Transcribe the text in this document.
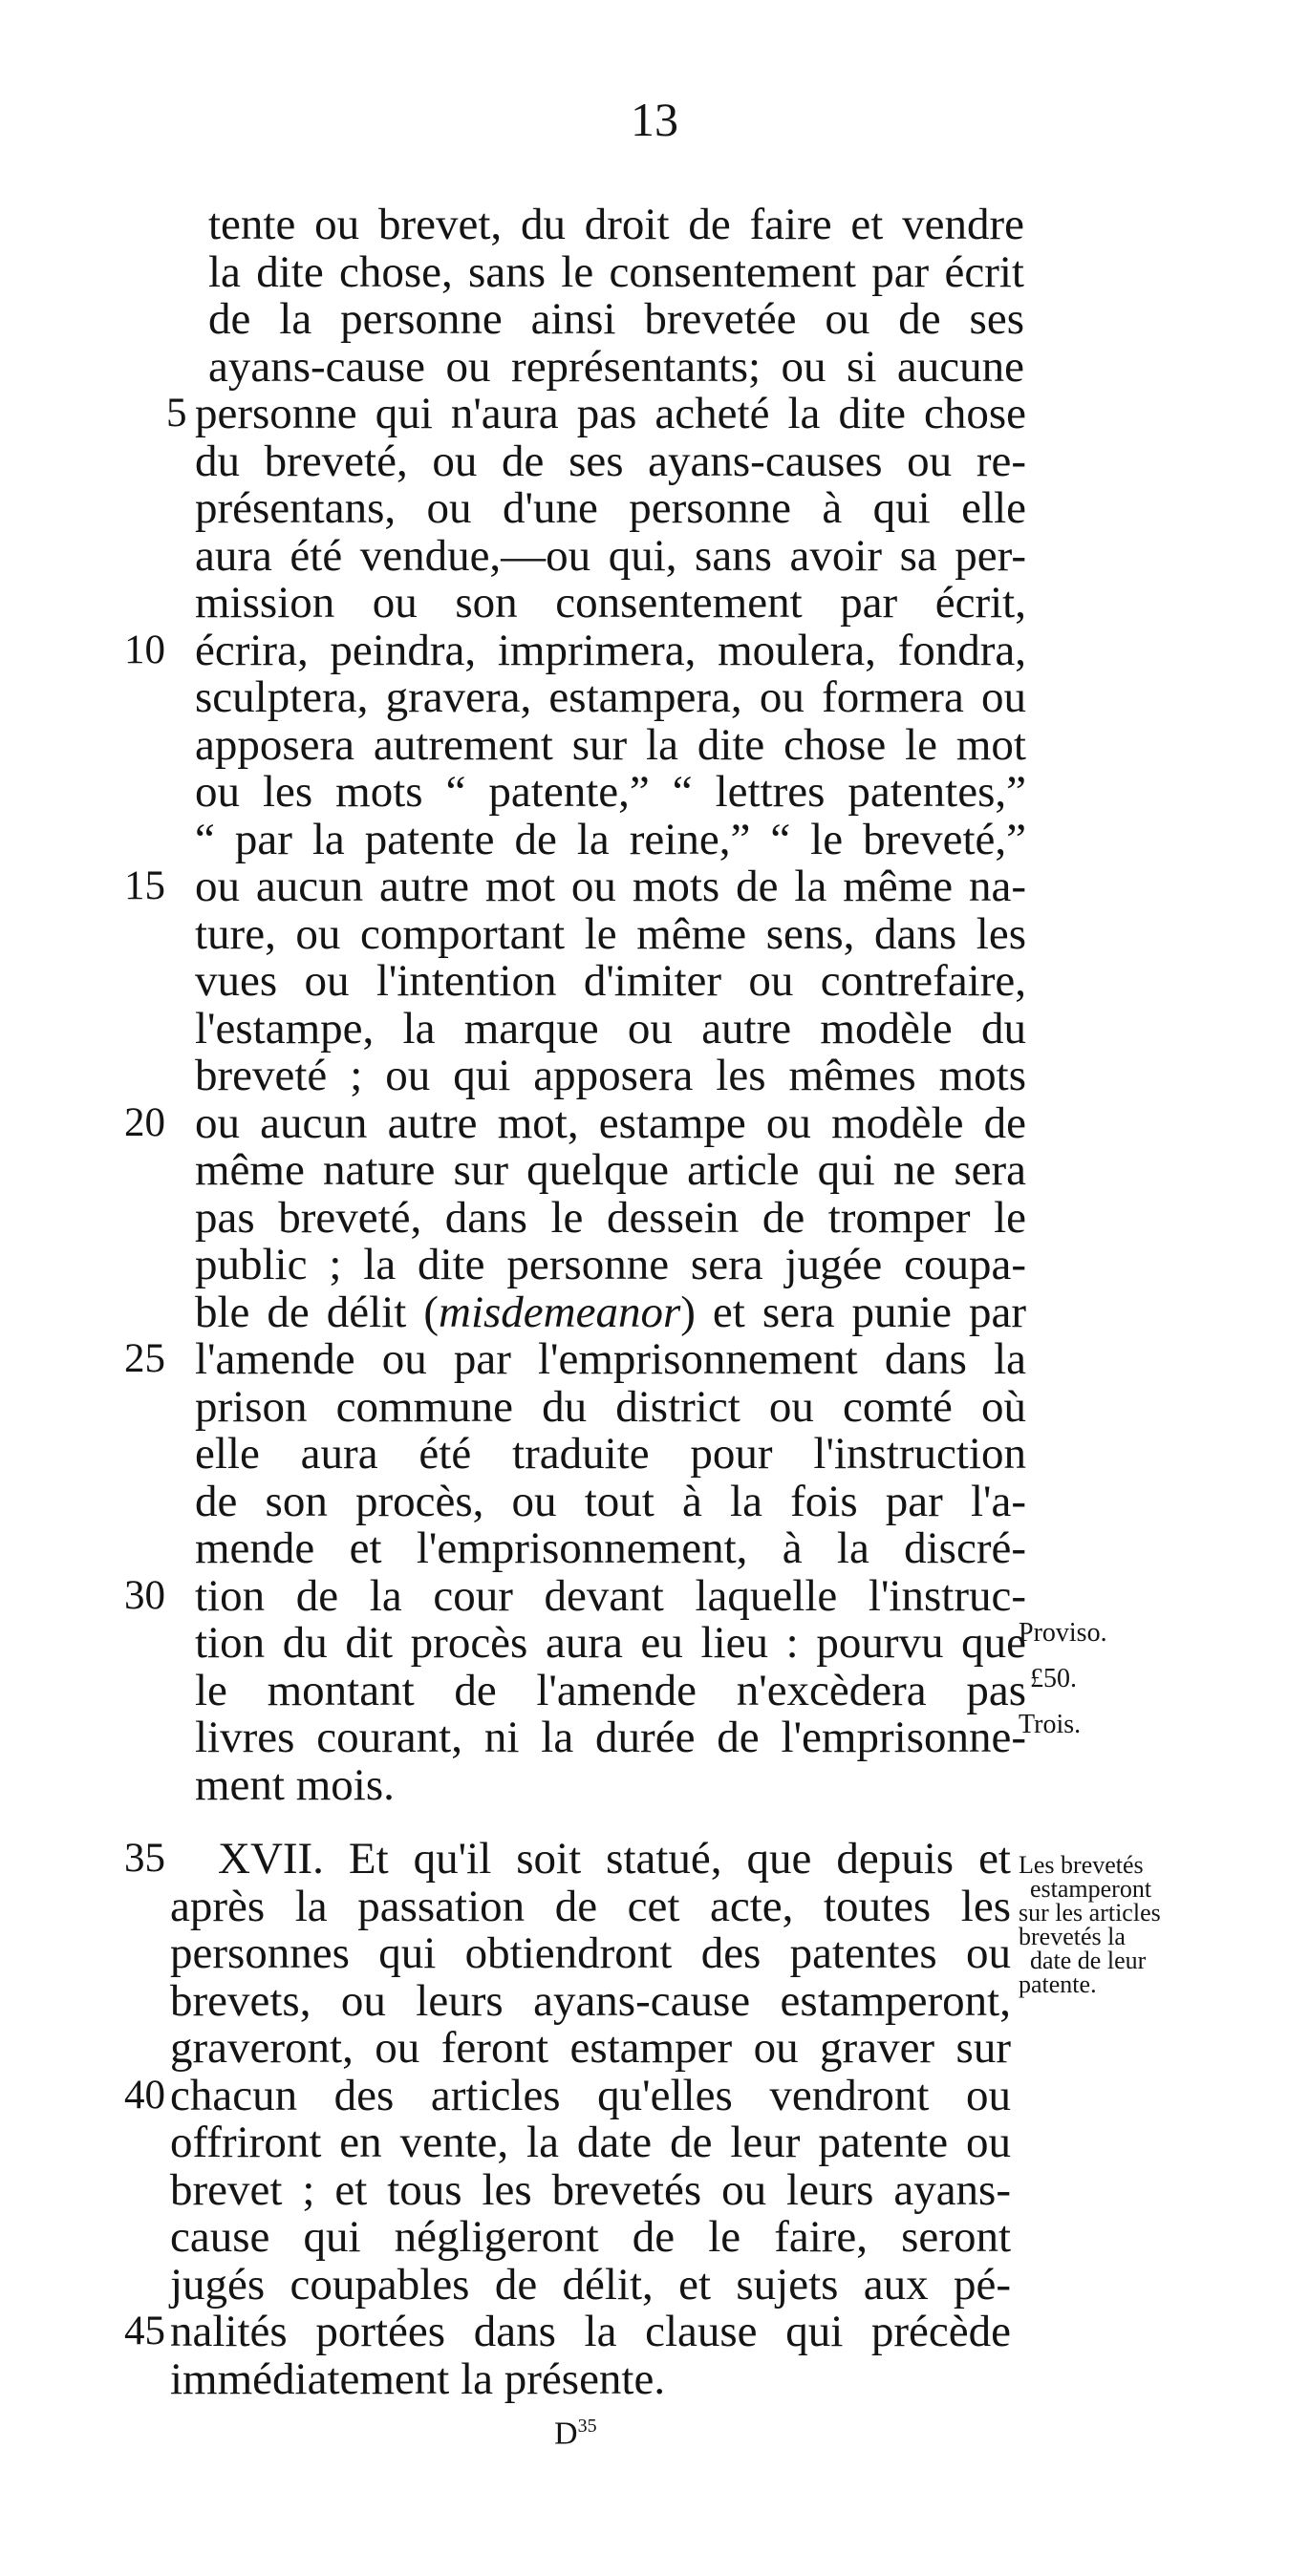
13
tente ou brevet, du droit de faire et vendre
la dite chose, sans le consentement par écrit
de la personne ainsi brevetée ou de ses
ayans-cause ou représentants; ou si aucune
personne qui n'aura pas acheté la dite chose
du breveté, ou de ses ayans-causes ou re-
présentans, ou d'une personne à qui elle
aura été vendue,—ou qui, sans avoir sa per-
mission ou son consentement par écrit,
écrira, peindra, imprimera, moulera, fondra,
sculptera, gravera, estampera, ou formera ou
apposera autrement sur la dite chose le mot
ou les mots “ patente,” “ lettres patentes,”
“ par la patente de la reine,” “ le breveté,”
ou aucun autre mot ou mots de la même na-
ture, ou comportant le même sens, dans les
vues ou l'intention d'imiter ou contrefaire,
l'estampe, la marque ou autre modèle du
breveté ; ou qui apposera les mêmes mots
ou aucun autre mot, estampe ou modèle de
même nature sur quelque article qui ne sera
pas breveté, dans le dessein de tromper le
public ; la dite personne sera jugée coupa-
ble de délit (misdemeanor) et sera punie par
l'amende ou par l'emprisonnement dans la
prison commune du district ou comté où
elle aura été traduite pour l'instruction
de son procès, ou tout à la fois par l'a-
mende et l'emprisonnement, à la discré-
tion de la cour devant laquelle l'instruc-
tion du dit procès aura eu lieu : pourvu que
le montant de l'amende n'excèdera pas
livres courant, ni la durée de l'emprisonne-
ment mois.
XVII. Et qu'il soit statué, que depuis et
après la passation de cet acte, toutes les
personnes qui obtiendront des patentes ou
brevets, ou leurs ayans-cause estamperont,
graveront, ou feront estamper ou graver sur
chacun des articles qu'elles vendront ou
offriront en vente, la date de leur patente ou
brevet ; et tous les brevetés ou leurs ayans-
cause qui négligeront de le faire, seront
jugés coupables de délit, et sujets aux pé-
nalités portées dans la clause qui précède
immédiatement la présente.
5
10
15
20
25
30
35
40
45
Proviso.
£50.
Trois.
Les brevetés
estamperont
sur les articles
brevetés la
date de leur
patente.
$D^{35}$
